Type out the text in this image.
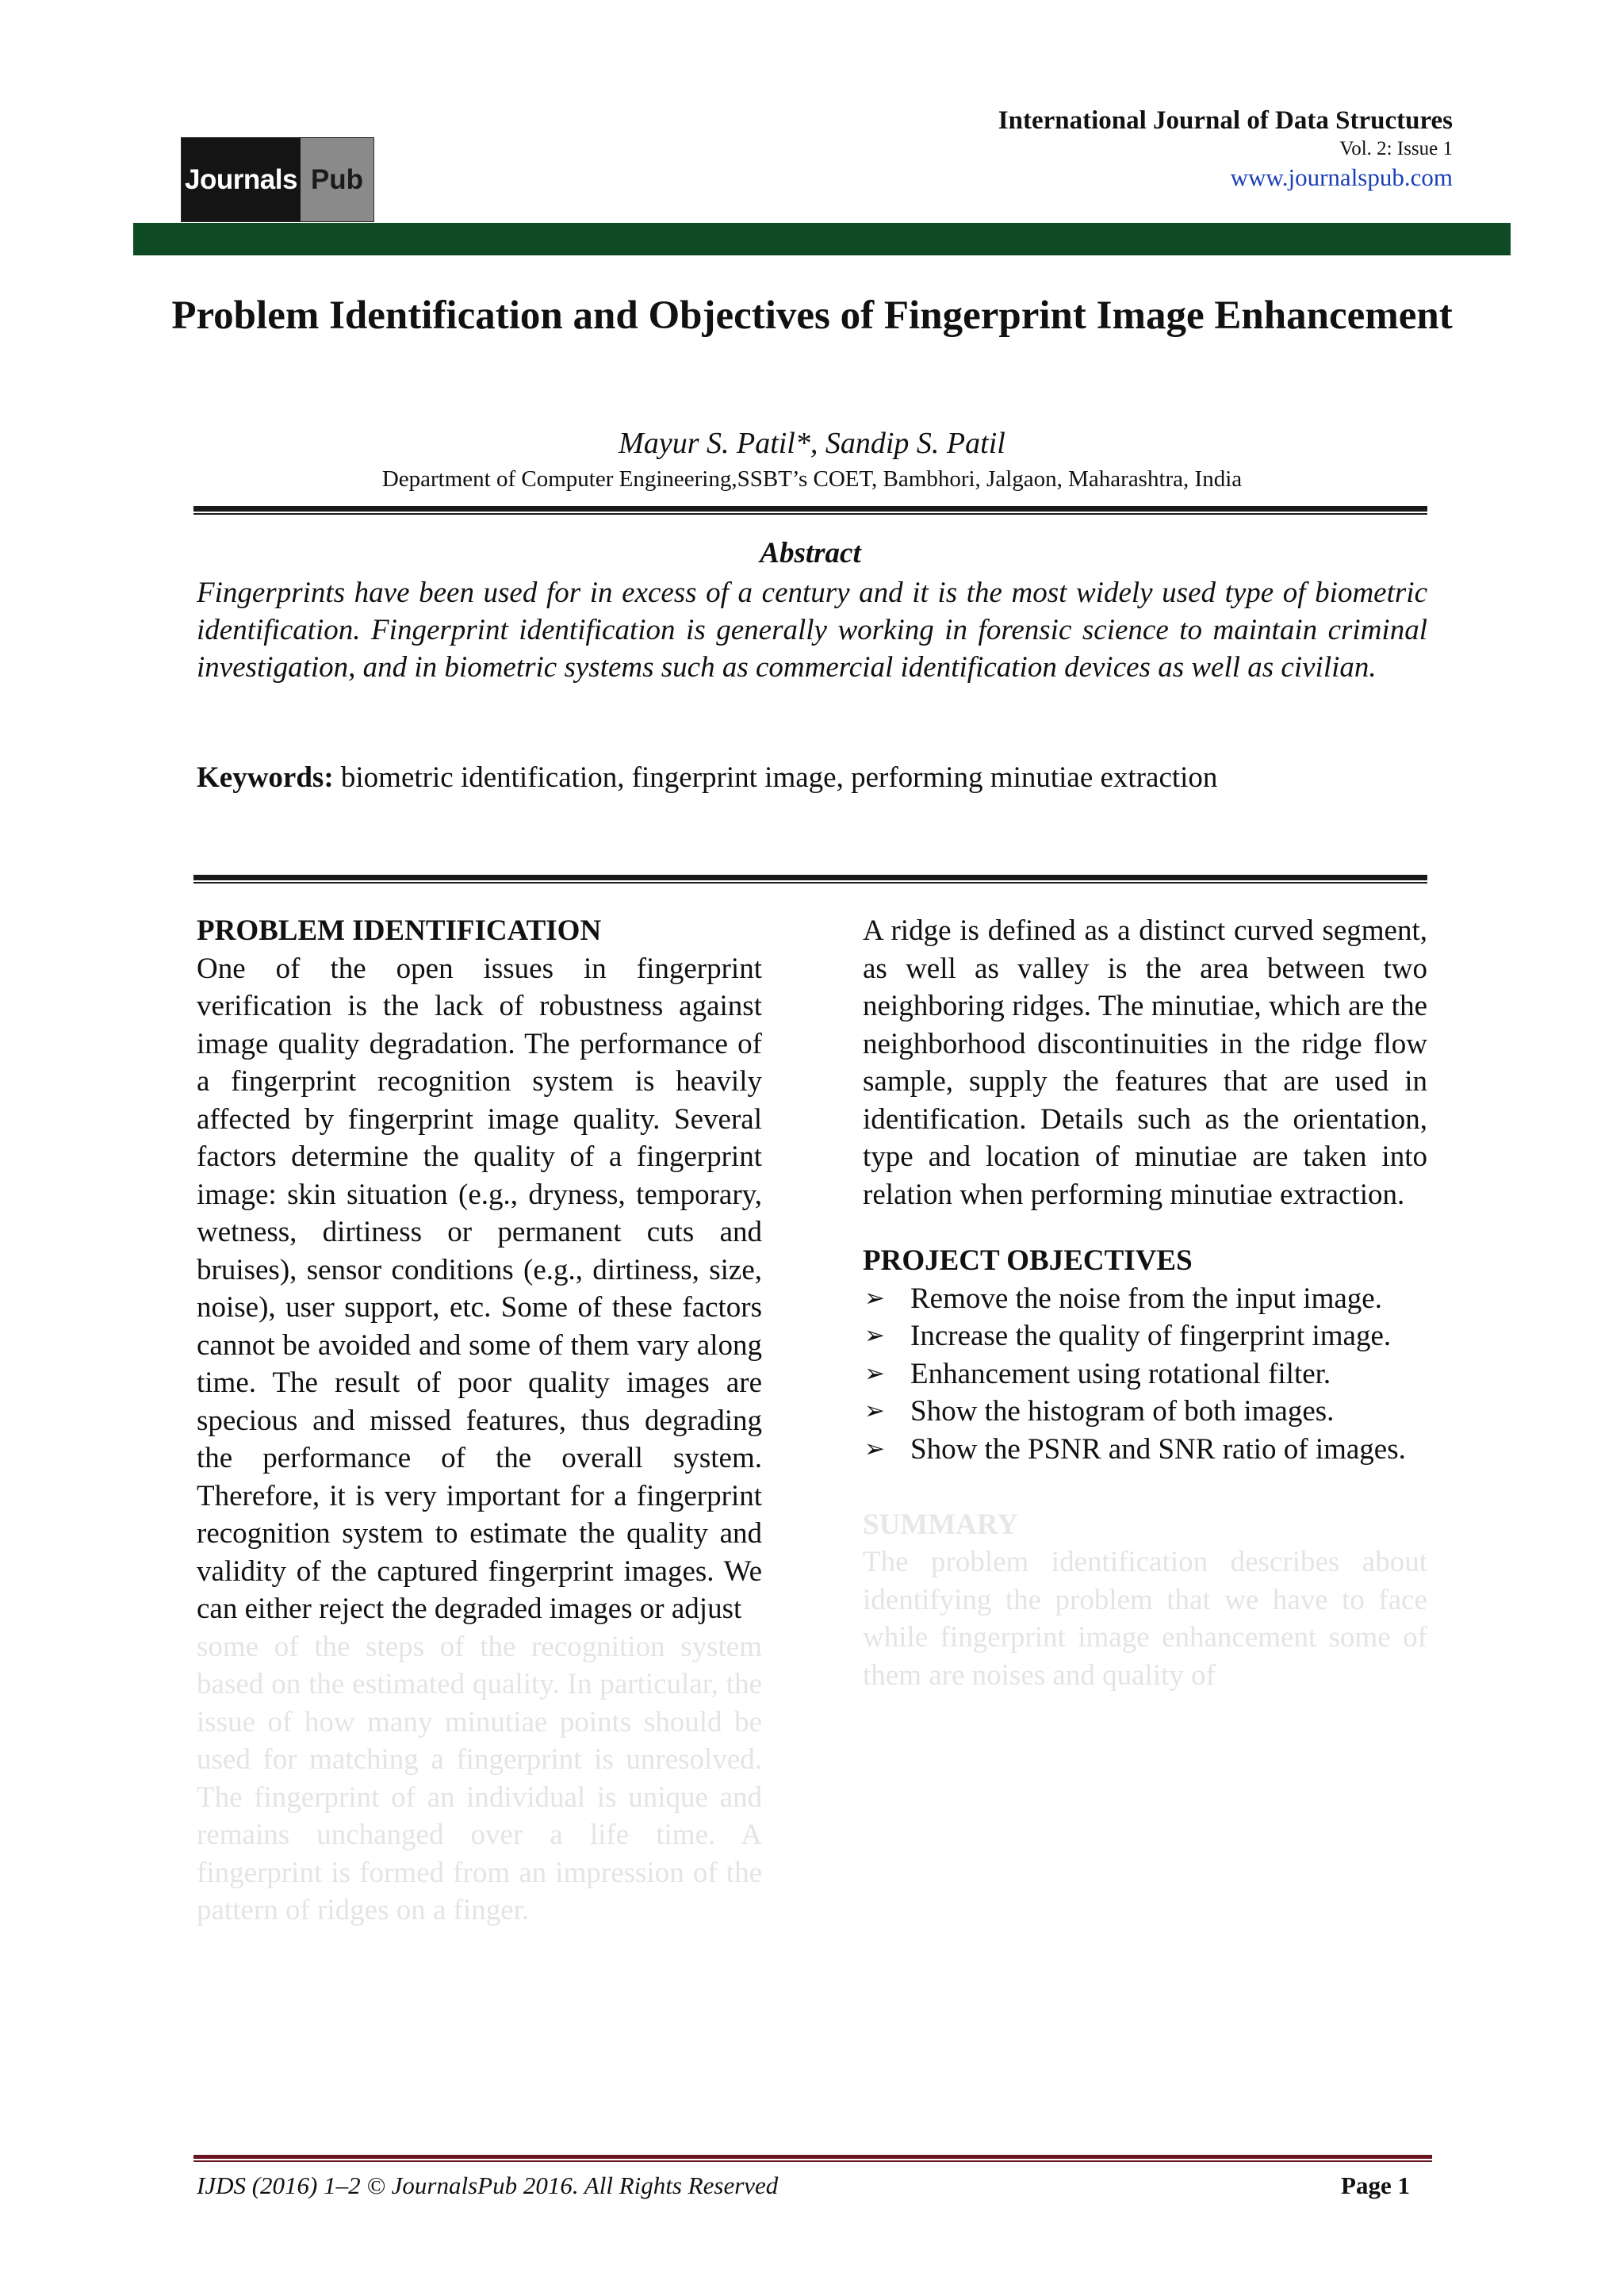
Journals Pub
International Journal of Data Structures
Vol. 2: Issue 1
www.journalspub.com
Problem Identification and Objectives of Fingerprint Image Enhancement
Mayur S. Patil*, Sandip S. Patil
Department of Computer Engineering,SSBT’s COET, Bambhori, Jalgaon, Maharashtra, India
Abstract

Fingerprints have been used for in excess of a century and it is the most widely used type of biometric identification. Fingerprint identification is generally working in forensic science to maintain criminal investigation, and in biometric systems such as commercial identification devices as well as civilian.

Keywords: biometric identification, fingerprint image, performing minutiae extraction
PROBLEM IDENTIFICATION

One of the open issues in fingerprint verification is the lack of robustness against image quality degradation. The performance of a fingerprint recognition system is heavily affected by fingerprint image quality. Several factors determine the quality of a fingerprint image: skin situation (e.g., dryness, temporary, wetness, dirtiness or permanent cuts and bruises), sensor conditions (e.g., dirtiness, size, noise), user support, etc. Some of these factors cannot be avoided and some of them vary along time. The result of poor quality images are specious and missed features, thus degrading the performance of the overall system. Therefore, it is very important for a fingerprint recognition system to estimate the quality and validity of the captured fingerprint images. We can either reject the degraded images or adjust

some of the steps of the recognition system based on the estimated quality. In particular, the issue of how many minutiae points should be used for matching a fingerprint is unresolved. The fingerprint of an individual is unique and remains unchanged over a life time. A fingerprint is formed from an impression of the pattern of ridges on a finger.

A ridge is defined as a distinct curved segment, as well as valley is the area between two neighboring ridges. The minutiae, which are the neighborhood discontinuities in the ridge flow sample, supply the features that are used in identification. Details such as the orientation, type and location of minutiae are taken into relation when performing minutiae extraction.

PROJECT OBJECTIVES
➢ Remove the noise from the input image.
➢ Increase the quality of fingerprint image.
➢ Enhancement using rotational filter.
➢ Show the histogram of both images.
➢ Show the PSNR and SNR ratio of images.
SUMMARY

The problem identification describes about identifying the problem that we have to face while fingerprint image enhancement some of them are noises and quality of

IJDS (2016) 1–2 © JournalsPub 2016. All Rights Reserved	Page 1
